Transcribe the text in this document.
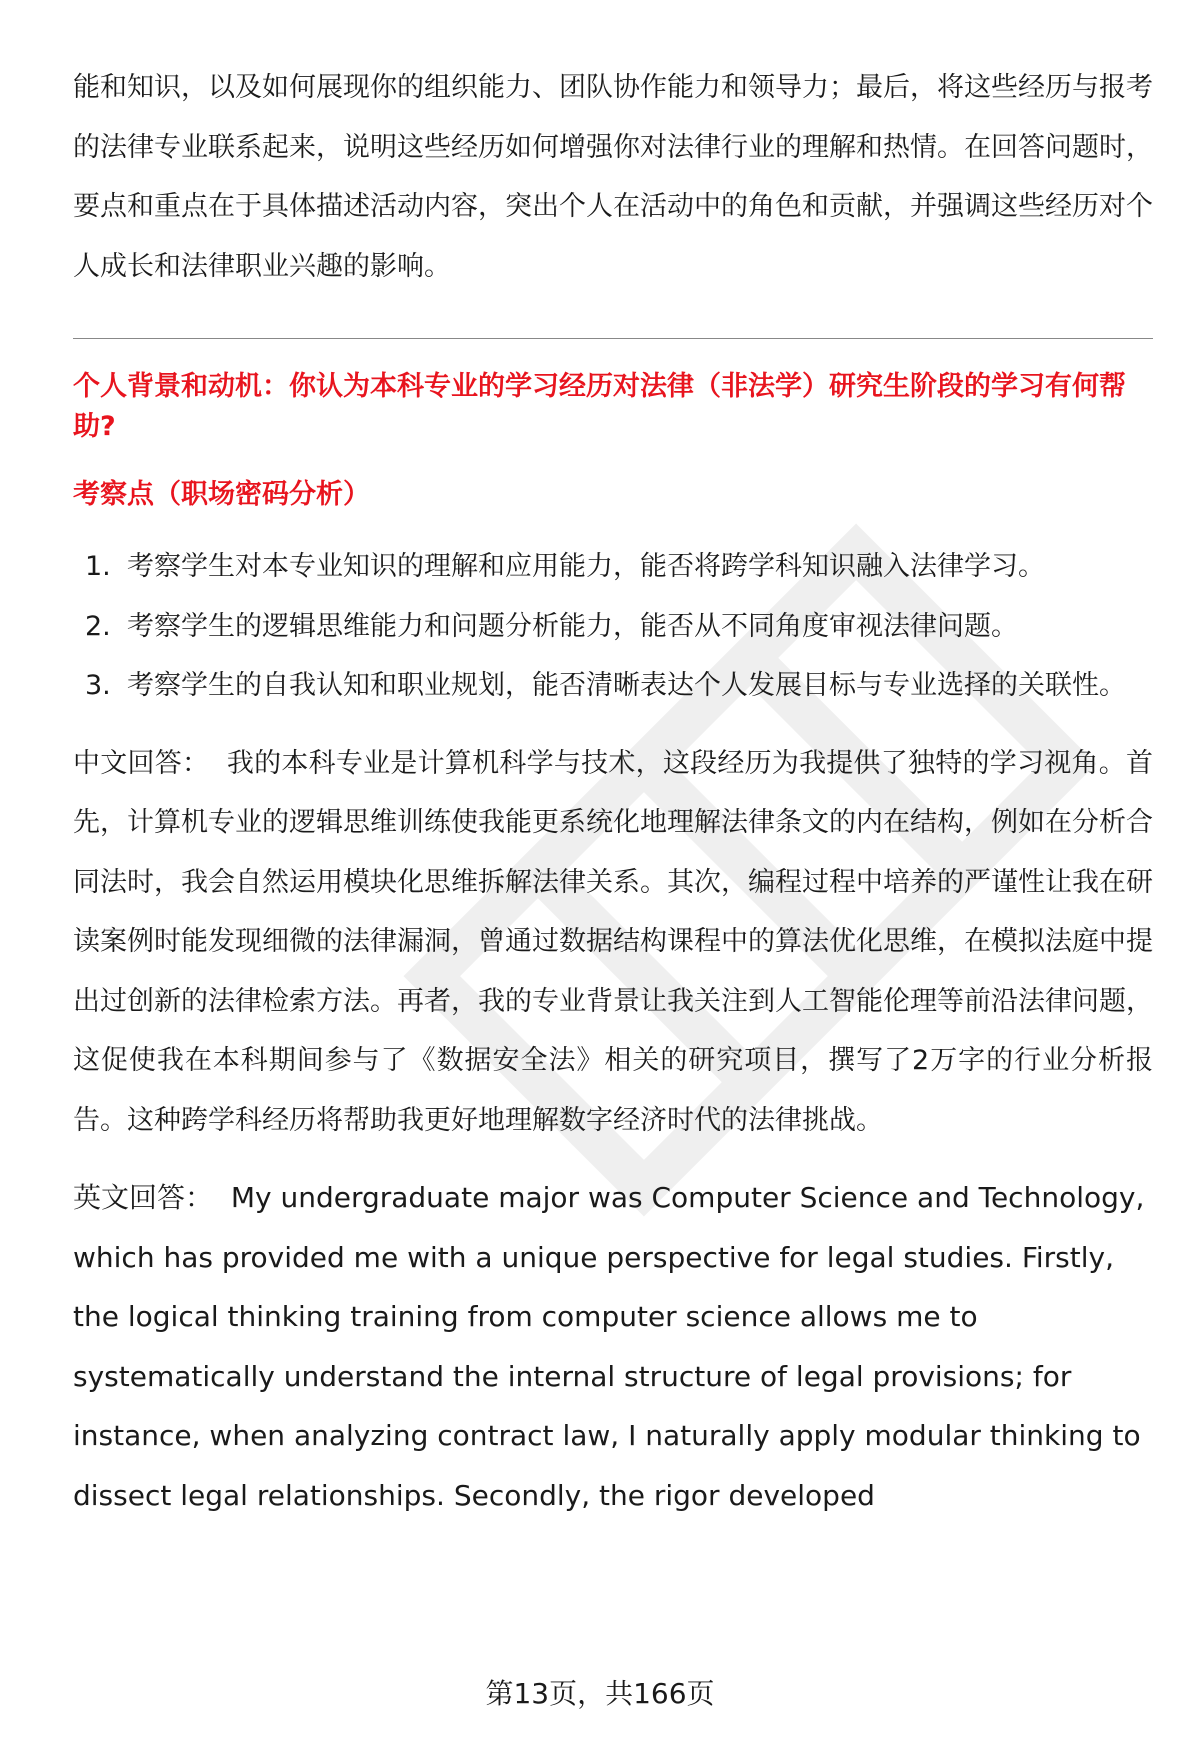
能和知识，以及如何展现你的组织能力、团队协作能力和领导力；最后，将这些经历与报考的法律专业联系起来，说明这些经历如何增强你对法律行业的理解和热情。在回答问题时，要点和重点在于具体描述活动内容，突出个人在活动中的角色和贡献，并强调这些经历对个人成长和法律职业兴趣的影响。

个人背景和动机：你认为本科专业的学习经历对法律（非法学）研究生阶段的学习有何帮助?

考察点（职场密码分析）

1. 考察学生对本专业知识的理解和应用能力，能否将跨学科知识融入法律学习。
2. 考察学生的逻辑思维能力和问题分析能力，能否从不同角度审视法律问题。
3. 考察学生的自我认知和职业规划，能否清晰表达个人发展目标与专业选择的关联性。

中文回答： 我的本科专业是计算机科学与技术，这段经历为我提供了独特的学习视角。首先，计算机专业的逻辑思维训练使我能更系统化地理解法律条文的内在结构，例如在分析合同法时，我会自然运用模块化思维拆解法律关系。其次，编程过程中培养的严谨性让我在研读案例时能发现细微的法律漏洞，曾通过数据结构课程中的算法优化思维，在模拟法庭中提出过创新的法律检索方法。再者，我的专业背景让我关注到人工智能伦理等前沿法律问题，这促使我在本科期间参与了《数据安全法》相关的研究项目，撰写了2万字的行业分析报告。这种跨学科经历将帮助我更好地理解数字经济时代的法律挑战。

英文回答： My undergraduate major was Computer Science and Technology, which has provided me with a unique perspective for legal studies. Firstly, the logical thinking training from computer science allows me to systematically understand the internal structure of legal provisions; for instance, when analyzing contract law, I naturally apply modular thinking to dissect legal relationships. Secondly, the rigor developed

第13页，共166页
